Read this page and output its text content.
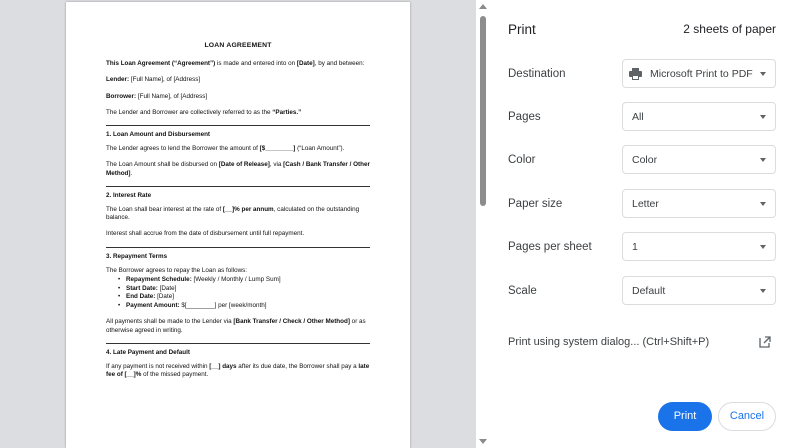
LOAN AGREEMENT

This Loan Agreement (“Agreement”) is made and entered into on [Date], by and between:

Lender: [Full Name], of [Address]

Borrower: [Full Name], of [Address]

The Lender and Borrower are collectively referred to as the “Parties.”

1. Loan Amount and Disbursement

The Lender agrees to lend the Borrower the amount of [$________] (“Loan Amount”).

The Loan Amount shall be disbursed on [Date of Release], via [Cash / Bank Transfer / Other Method].

2. Interest Rate

The Loan shall bear interest at the rate of [__]% per annum, calculated on the outstanding balance.

Interest shall accrue from the date of disbursement until full repayment.

3. Repayment Terms

The Borrower agrees to repay the Loan as follows:

• Repayment Schedule: [Weekly / Monthly / Lump Sum]
• Start Date: [Date]
• End Date: [Date]
• Payment Amount: $[________] per [week/month]

All payments shall be made to the Lender via [Bank Transfer / Check / Other Method] or as otherwise agreed in writing.

4. Late Payment and Default

If any payment is not received within [__] days after its due date, the Borrower shall pay a late fee of [__]% of the missed payment.

Print	2 sheets of paper
Destination	Microsoft Print to PDF
Pages	All
Color	Color
Paper size	Letter
Pages per sheet	1
Scale	Default
Print using system dialog... (Ctrl+Shift+P)
Print	Cancel
